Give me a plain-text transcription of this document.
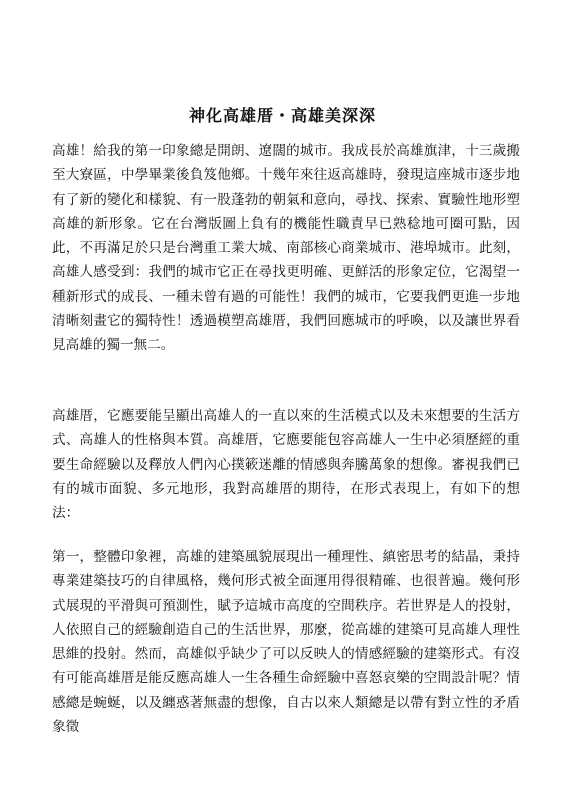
神化高雄厝・高雄美深深

高雄！給我的第一印象總是開朗、遼闊的城市。我成長於高雄旗津，十三歲搬至大寮區，中學畢業後負笈他鄉。十幾年來往返高雄時，發現這座城市逐步地有了新的變化和樣貌、有一股蓬勃的朝氣和意向，尋找、探索、實驗性地形塑高雄的新形象。它在台灣版圖上負有的機能性職責早已熟稔地可圈可點，因此，不再滿足於只是台灣重工業大城、南部核心商業城市、港埠城市。此刻，高雄人感受到：我們的城市它正在尋找更明確、更鮮活的形象定位，它渴望一種新形式的成長、一種未曾有過的可能性！我們的城市，它要我們更進一步地清晰刻畫它的獨特性！透過模塑高雄厝，我們回應城市的呼喚，以及讓世界看見高雄的獨一無二。

高雄厝，它應要能呈顯出高雄人的一直以來的生活模式以及未來想要的生活方式、高雄人的性格與本質。高雄厝，它應要能包容高雄人一生中必須歷經的重要生命經驗以及釋放人們內心撲簌迷離的情感與奔騰萬象的想像。審視我們已有的城市面貌、多元地形，我對高雄厝的期待，在形式表現上，有如下的想法：

第一，整體印象裡，高雄的建築風貌展現出一種理性、縝密思考的結晶，秉持專業建築技巧的自律風格，幾何形式被全面運用得很精確、也很普遍。幾何形式展現的平滑與可預測性，賦予這城市高度的空間秩序。若世界是人的投射，人依照自己的經驗創造自己的生活世界，那麼，從高雄的建築可見高雄人理性思維的投射。然而，高雄似乎缺少了可以反映人的情感經驗的建築形式。有沒有可能高雄厝是能反應高雄人一生各種生命經驗中喜怒哀樂的空間設計呢？情感總是蜿蜒，以及纏惑著無盡的想像，自古以來人類總是以帶有對立性的矛盾象徵
